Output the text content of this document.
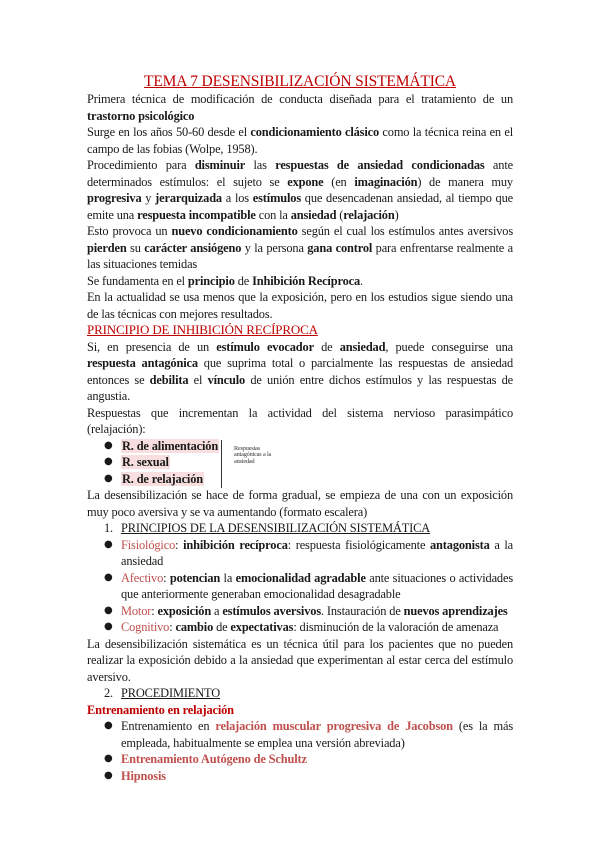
TEMA 7 DESENSIBILIZACIÓN SISTEMÁTICA

Primera técnica de modificación de conducta diseñada para el tratamiento de un trastorno psicológico

Surge en los años 50-60 desde el condicionamiento clásico como la técnica reina en el campo de las fobias (Wolpe, 1958).

Procedimiento para disminuir las respuestas de ansiedad condicionadas ante determinados estímulos: el sujeto se expone (en imaginación) de manera muy progresiva y jerarquizada a los estímulos que desencadenan ansiedad, al tiempo que emite una respuesta incompatible con la ansiedad (relajación)

Esto provoca un nuevo condicionamiento según el cual los estímulos antes aversivos pierden su carácter ansiógeno y la persona gana control para enfrentarse realmente a las situaciones temidas

Se fundamenta en el principio de Inhibición Recíproca.

En la actualidad se usa menos que la exposición, pero en los estudios sigue siendo una de las técnicas con mejores resultados.

PRINCIPIO DE INHIBICIÓN RECÍPROCA

Si, en presencia de un estímulo evocador de ansiedad, puede conseguirse una respuesta antagónica que suprima total o parcialmente las respuestas de ansiedad entonces se debilita el vínculo de unión entre dichos estímulos y las respuestas de angustia.

Respuestas que incrementan la actividad del sistema nervioso parasimpático (relajación):

● R. de alimentación
● R. sexual
● R. de relajación
Respuestas antagónicas a la ansiedad

La desensibilización se hace de forma gradual, se empieza de una con un exposición muy poco aversiva y se va aumentando (formato escalera)

1. PRINCIPIOS DE LA DESENSIBILIZACIÓN SISTEMÁTICA
● Fisiológico: inhibición recíproca: respuesta fisiológicamente antagonista a la ansiedad
● Afectivo: potencian la emocionalidad agradable ante situaciones o actividades que anteriormente generaban emocionalidad desagradable
● Motor: exposición a estímulos aversivos. Instauración de nuevos aprendizajes
● Cognitivo: cambio de expectativas: disminución de la valoración de amenaza

La desensibilización sistemática es un técnica útil para los pacientes que no pueden realizar la exposición debido a la ansiedad que experimentan al estar cerca del estímulo aversivo.

2. PROCEDIMIENTO

Entrenamiento en relajación

● Entrenamiento en relajación muscular progresiva de Jacobson (es la más empleada, habitualmente se emplea una versión abreviada)
● Entrenamiento Autógeno de Schultz
● Hipnosis
